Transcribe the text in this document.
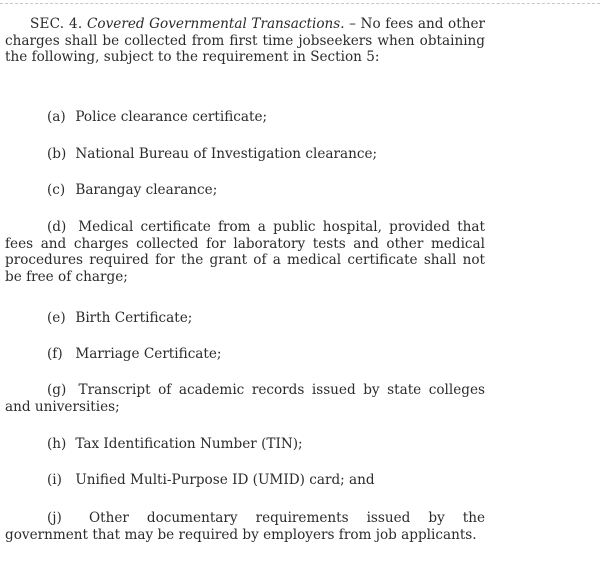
SEC. 4. Covered Governmental Transactions. – No fees and other charges shall be collected from first time jobseekers when obtaining the following, subject to the requirement in Section 5:

(a) Police clearance certificate;

(b) National Bureau of Investigation clearance;

(c) Barangay clearance;

(d) Medical certificate from a public hospital, provided that fees and charges collected for laboratory tests and other medical procedures required for the grant of a medical certificate shall not be free of charge;

(e) Birth Certificate;

(f) Marriage Certificate;

(g) Transcript of academic records issued by state colleges and universities;

(h) Tax Identification Number (TIN);

(i) Unified Multi-Purpose ID (UMID) card; and

(j) Other documentary requirements issued by the government that may be required by employers from job applicants.
